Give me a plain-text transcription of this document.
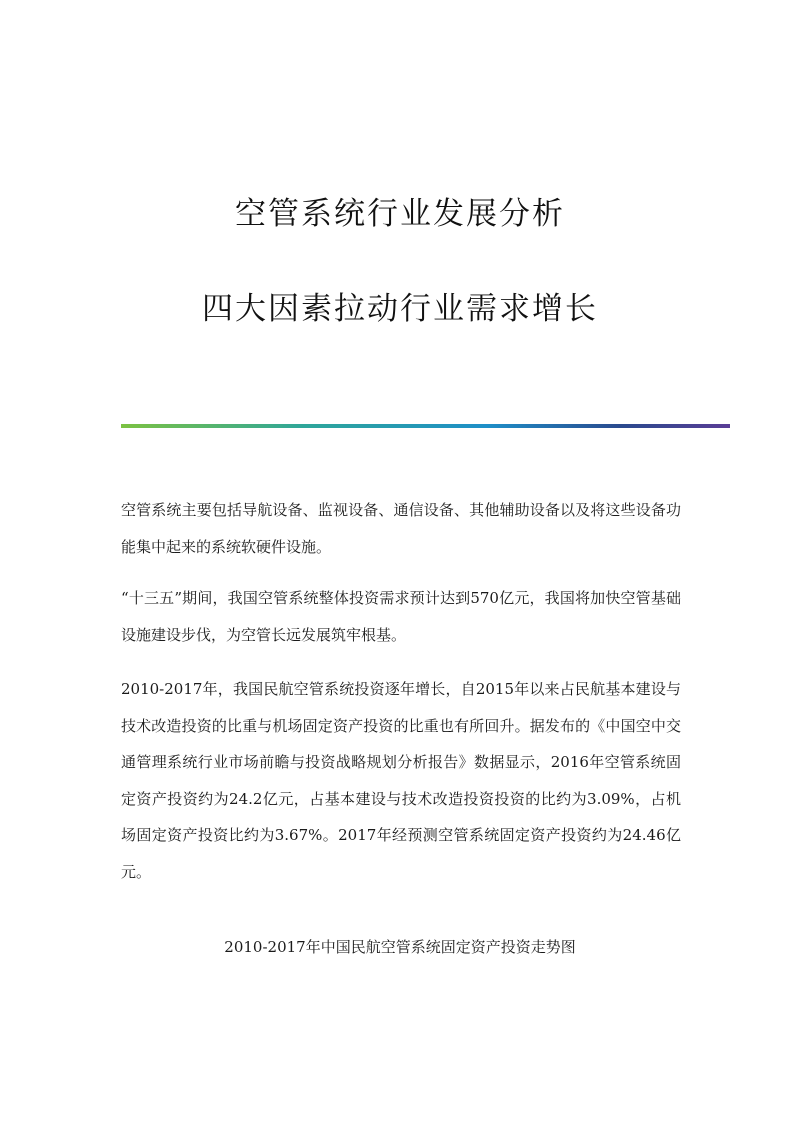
空管系统行业发展分析
四大因素拉动行业需求增长
空管系统主要包括导航设备、监视设备、通信设备、其他辅助设备以及将这些设备功能集中起来的系统软硬件设施。
“十三五”期间，我国空管系统整体投资需求预计达到570亿元，我国将加快空管基础设施建设步伐，为空管长远发展筑牢根基。
2010-2017年，我国民航空管系统投资逐年增长，自2015年以来占民航基本建设与技术改造投资的比重与机场固定资产投资的比重也有所回升。据发布的《中国空中交通管理系统行业市场前瞻与投资战略规划分析报告》数据显示，2016年空管系统固定资产投资约为24.2亿元，占基本建设与技术改造投资投资的比约为3.09%，占机场固定资产投资比约为3.67%。2017年经预测空管系统固定资产投资约为24.46亿元。
2010-2017年中国民航空管系统固定资产投资走势图
